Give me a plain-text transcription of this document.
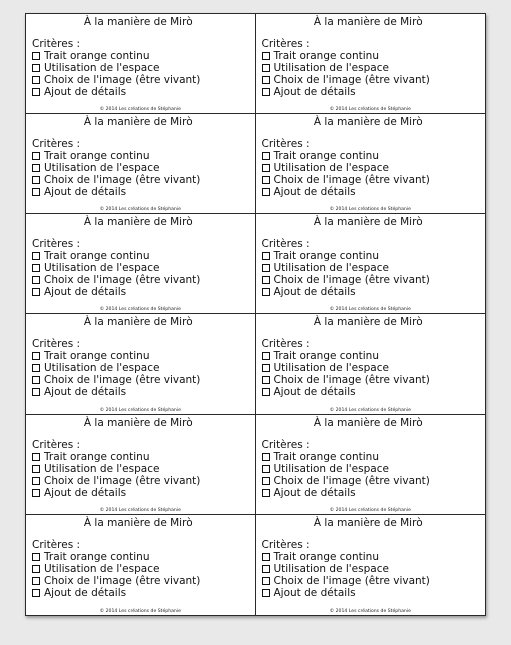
À la manière de Mirò
Critères :
Trait orange continu
Utilisation de l'espace
Choix de l'image (être vivant)
Ajout de détails
© 2014 Les créations de Stéphanie
À la manière de Mirò
Critères :
Trait orange continu
Utilisation de l'espace
Choix de l'image (être vivant)
Ajout de détails
© 2014 Les créations de Stéphanie
À la manière de Mirò
Critères :
Trait orange continu
Utilisation de l'espace
Choix de l'image (être vivant)
Ajout de détails
© 2014 Les créations de Stéphanie
À la manière de Mirò
Critères :
Trait orange continu
Utilisation de l'espace
Choix de l'image (être vivant)
Ajout de détails
© 2014 Les créations de Stéphanie
À la manière de Mirò
Critères :
Trait orange continu
Utilisation de l'espace
Choix de l'image (être vivant)
Ajout de détails
© 2014 Les créations de Stéphanie
À la manière de Mirò
Critères :
Trait orange continu
Utilisation de l'espace
Choix de l'image (être vivant)
Ajout de détails
© 2014 Les créations de Stéphanie
À la manière de Mirò
Critères :
Trait orange continu
Utilisation de l'espace
Choix de l'image (être vivant)
Ajout de détails
© 2014 Les créations de Stéphanie
À la manière de Mirò
Critères :
Trait orange continu
Utilisation de l'espace
Choix de l'image (être vivant)
Ajout de détails
© 2014 Les créations de Stéphanie
À la manière de Mirò
Critères :
Trait orange continu
Utilisation de l'espace
Choix de l'image (être vivant)
Ajout de détails
© 2014 Les créations de Stéphanie
À la manière de Mirò
Critères :
Trait orange continu
Utilisation de l'espace
Choix de l'image (être vivant)
Ajout de détails
© 2014 Les créations de Stéphanie
À la manière de Mirò
Critères :
Trait orange continu
Utilisation de l'espace
Choix de l'image (être vivant)
Ajout de détails
© 2014 Les créations de Stéphanie
À la manière de Mirò
Critères :
Trait orange continu
Utilisation de l'espace
Choix de l'image (être vivant)
Ajout de détails
© 2014 Les créations de Stéphanie
